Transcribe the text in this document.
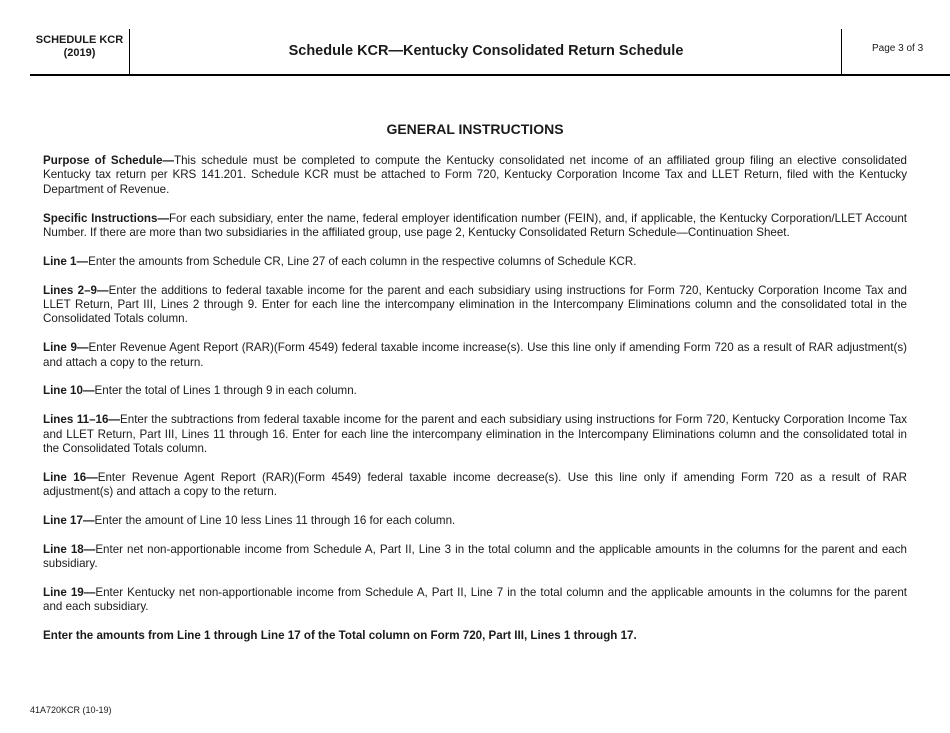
SCHEDULE KCR
(2019)	Schedule KCR—Kentucky Consolidated Return Schedule	Page 3 of 3
GENERAL INSTRUCTIONS

Purpose of Schedule—This schedule must be completed to compute the Kentucky consolidated net income of an affiliated group filing an elective consolidated Kentucky tax return per KRS 141.201. Schedule KCR must be attached to Form 720, Kentucky Corporation Income Tax and LLET Return, filed with the Kentucky Department of Revenue.

Specific Instructions—For each subsidiary, enter the name, federal employer identification number (FEIN), and, if applicable, the Kentucky Corporation/LLET Account Number. If there are more than two subsidiaries in the affiliated group, use page 2, Kentucky Consolidated Return Schedule—Continuation Sheet.

Line 1—Enter the amounts from Schedule CR, Line 27 of each column in the respective columns of Schedule KCR.

Lines 2–9—Enter the additions to federal taxable income for the parent and each subsidiary using instructions for Form 720, Kentucky Corporation Income Tax and LLET Return, Part III, Lines 2 through 9. Enter for each line the intercompany elimination in the Intercompany Eliminations column and the consolidated total in the Consolidated Totals column.

Line 9—Enter Revenue Agent Report (RAR)(Form 4549) federal taxable income increase(s). Use this line only if amending Form 720 as a result of RAR adjustment(s) and attach a copy to the return.

Line 10—Enter the total of Lines 1 through 9 in each column.

Lines 11–16—Enter the subtractions from federal taxable income for the parent and each subsidiary using instructions for Form 720, Kentucky Corporation Income Tax and LLET Return, Part III, Lines 11 through 16. Enter for each line the intercompany elimination in the Intercompany Eliminations column and the consolidated total in the Consolidated Totals column.

Line 16—Enter Revenue Agent Report (RAR)(Form 4549) federal taxable income decrease(s). Use this line only if amending Form 720 as a result of RAR adjustment(s) and attach a copy to the return.

Line 17—Enter the amount of Line 10 less Lines 11 through 16 for each column.

Line 18—Enter net non-apportionable income from Schedule A, Part II, Line 3 in the total column and the applicable amounts in the columns for the parent and each subsidiary.

Line 19—Enter Kentucky net non-apportionable income from Schedule A, Part II, Line 7 in the total column and the applicable amounts in the columns for the parent and each subsidiary.

Enter the amounts from Line 1 through Line 17 of the Total column on Form 720, Part III, Lines 1 through 17.

41A720KCR (10-19)
